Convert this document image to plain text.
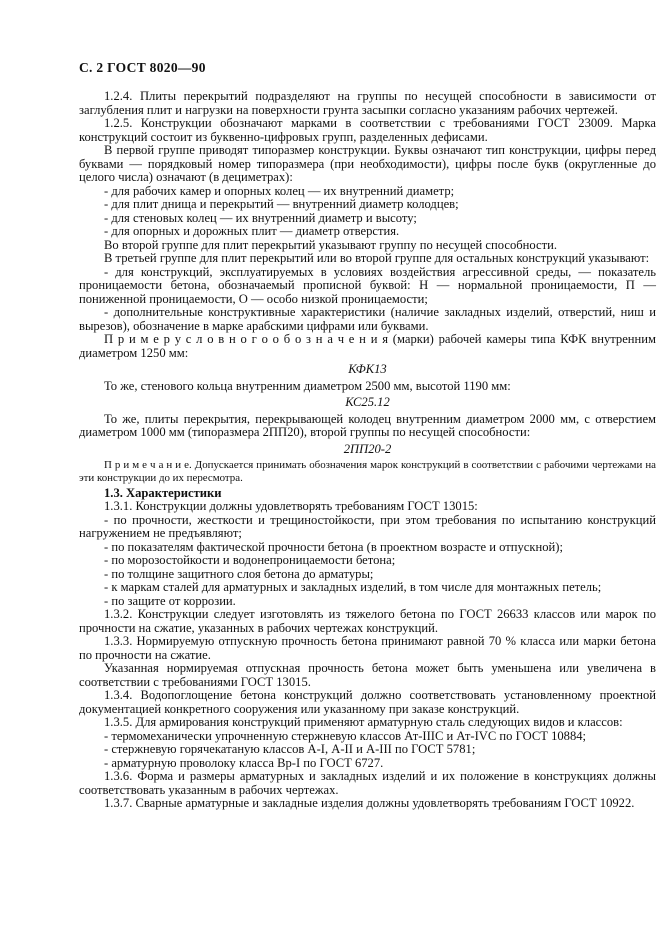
С. 2 ГОСТ 8020—90

1.2.4. Плиты перекрытий подразделяют на группы по несущей способности в зависимости от заглубления плит и нагрузки на поверхности грунта засыпки согласно указаниям рабочих чертежей.

1.2.5. Конструкции обозначают марками в соответствии с требованиями ГОСТ 23009. Марка конструкций состоит из буквенно-цифровых групп, разделенных дефисами.

В первой группе приводят типоразмер конструкции. Буквы означают тип конструкции, цифры перед буквами — порядковый номер типоразмера (при необходимости), цифры после букв (округленные до целого числа) означают (в дециметрах):

- для рабочих камер и опорных колец — их внутренний диаметр;

- для плит днища и перекрытий — внутренний диаметр колодцев;

- для стеновых колец — их внутренний диаметр и высоту;

- для опорных и дорожных плит — диаметр отверстия.

Во второй группе для плит перекрытий указывают группу по несущей способности.

В третьей группе для плит перекрытий или во второй группе для остальных конструкций указывают:

- для конструкций, эксплуатируемых в условиях воздействия агрессивной среды, — показатель проницаемости бетона, обозначаемый прописной буквой: Н — нормальной проницаемости, П — пониженной проницаемости, О — особо низкой проницаемости;

- дополнительные конструктивные характеристики (наличие закладных изделий, отверстий, ниш и вырезов), обозначение в марке арабскими цифрами или буквами.

П р и м е р у с л о в н о г о о б о з н а ч е н и я (марки) рабочей камеры типа КФК внутренним диаметром 1250 мм:

КФК13

То же, стенового кольца внутренним диаметром 2500 мм, высотой 1190 мм:

КС25.12

То же, плиты перекрытия, перекрывающей колодец внутренним диаметром 2000 мм, с отверстием диаметром 1000 мм (типоразмера 2ПП20), второй группы по несущей способности:

2ПП20-2

П р и м е ч а н и е. Допускается принимать обозначения марок конструкций в соответствии с рабочими чертежами на эти конструкции до их пересмотра.

1.3. Характеристики

1.3.1. Конструкции должны удовлетворять требованиям ГОСТ 13015:

- по прочности, жесткости и трещиностойкости, при этом требования по испытанию конструкций нагружением не предъявляют;

- по показателям фактической прочности бетона (в проектном возрасте и отпускной);

- по морозостойкости и водонепроницаемости бетона;

- по толщине защитного слоя бетона до арматуры;

- к маркам сталей для арматурных и закладных изделий, в том числе для монтажных петель;

- по защите от коррозии.

1.3.2. Конструкции следует изготовлять из тяжелого бетона по ГОСТ 26633 классов или марок по прочности на сжатие, указанных в рабочих чертежах конструкций.

1.3.3. Нормируемую отпускную прочность бетона принимают равной 70 % класса или марки бетона по прочности на сжатие.

Указанная нормируемая отпускная прочность бетона может быть уменьшена или увеличена в соответствии с требованиями ГОСТ 13015.

1.3.4. Водопоглощение бетона конструкций должно соответствовать установленному проектной документацией конкретного сооружения или указанному при заказе конструкций.

1.3.5. Для армирования конструкций применяют арматурную сталь следующих видов и классов:

- термомеханически упрочненную стержневую классов Ат-IIIC и Ат-IVC по ГОСТ 10884;

- стержневую горячекатаную классов А-I, А-II и А-III по ГОСТ 5781;

- арматурную проволоку класса Вр-I по ГОСТ 6727.

1.3.6. Форма и размеры арматурных и закладных изделий и их положение в конструкциях должны соответствовать указанным в рабочих чертежах.

1.3.7. Сварные арматурные и закладные изделия должны удовлетворять требованиям ГОСТ 10922.
